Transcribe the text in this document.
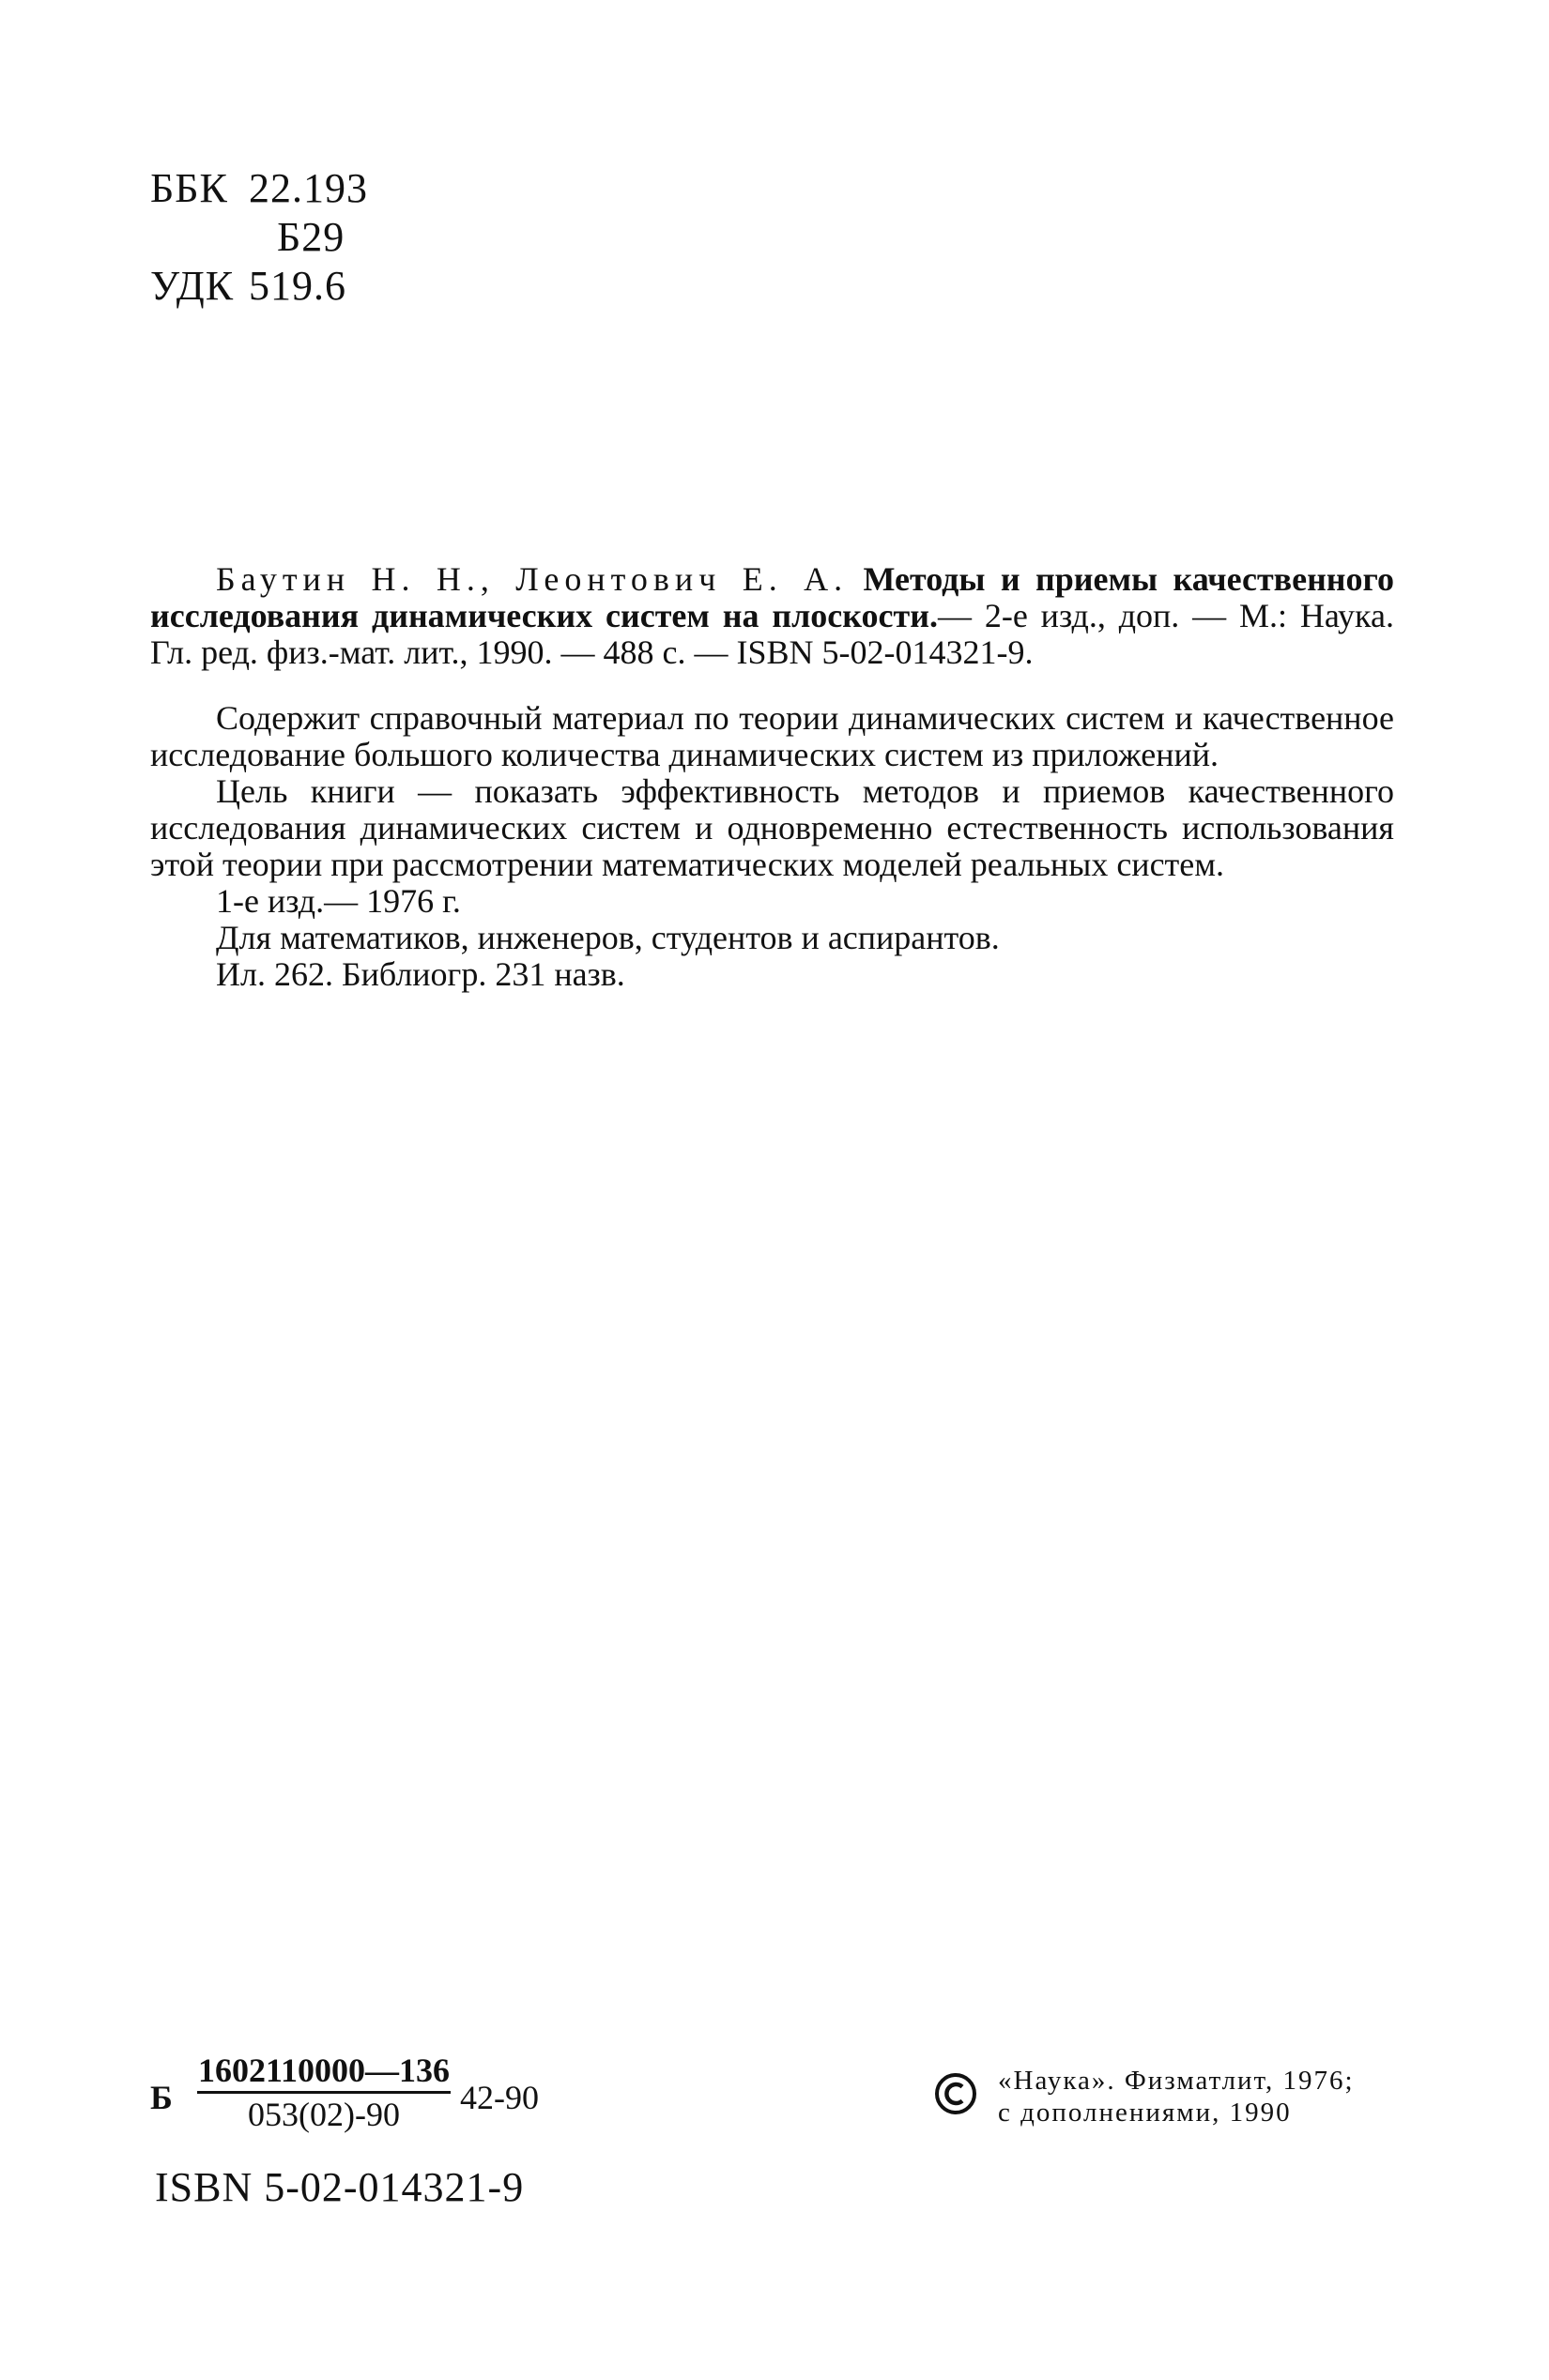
ББК 22.193
Б29
УДК 519.6

Баутин Н. Н., Леонтович Е. А. Методы и приемы качественного исследования динамических систем на плоскости.— 2-е изд., доп. — М.: Наука. Гл. ред. физ.-мат. лит., 1990. — 488 с. — ISBN 5-02-014321-9.

Содержит справочный материал по теории динамических систем и качественное исследование большого количества динамических систем из приложений.

Цель книги — показать эффективность методов и приемов качественного исследования динамических систем и одновременно естественность использования этой теории при рассмотрении математических моделей реальных систем.

1-е изд.— 1976 г.
Для математиков, инженеров, студентов и аспирантов.
Ил. 262. Библиогр. 231 назв.
Б
1602110000—136
053(02)-90	42-90	«Наука». Физматлит, 1976;
с дополнениями, 1990
ISBN 5-02-014321-9
